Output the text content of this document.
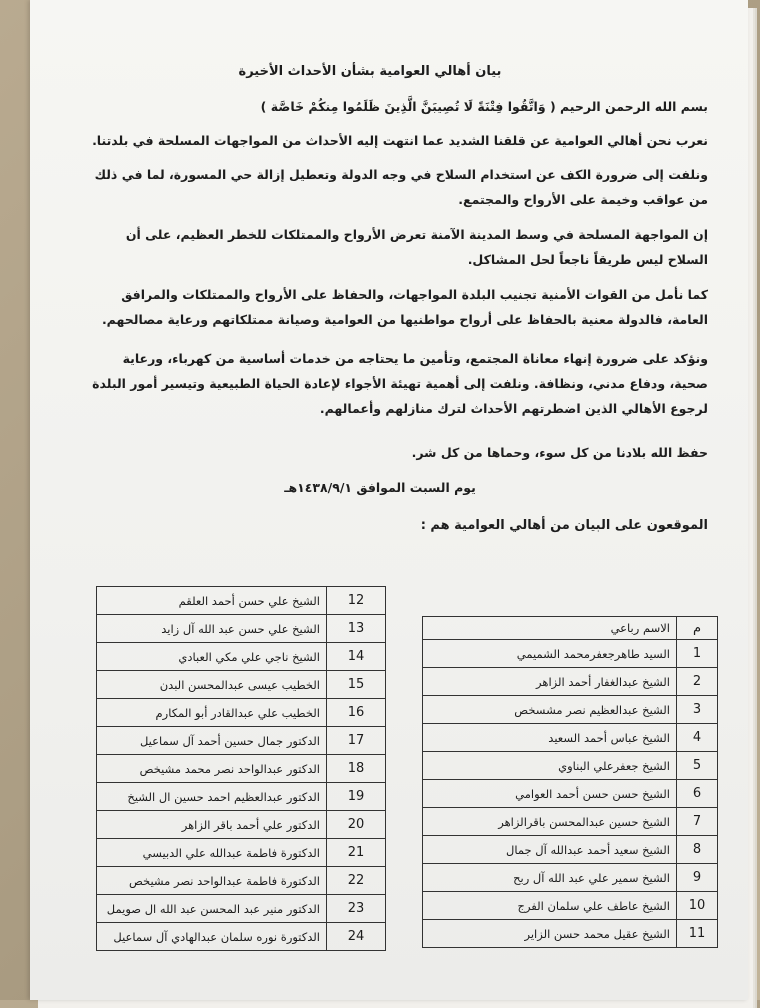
بيان أهالي العوامية بشأن الأحداث الأخيرة
بسم الله الرحمن الرحيم ( وَاتَّقُوا فِتْنَةً لَا تُصِيبَنَّ الَّذِينَ ظَلَمُوا مِنكُمْ خَاصَّة )
نعرب نحن أهالي العوامية عن قلقنا الشديد عما انتهت إليه الأحداث من المواجهات المسلحة في بلدتنا.
ونلفت إلى ضرورة الكف عن استخدام السلاح في وجه الدولة وتعطيل إزالة حي المسورة، لما في ذلك من عواقب وخيمة على الأرواح والمجتمع.
إن المواجهة المسلحة في وسط المدينة الآمنة تعرض الأرواح والممتلكات للخطر العظيم، على أن السلاح ليس طريقاً ناجعاً لحل المشاكل.
كما نأمل من القوات الأمنية تجنيب البلدة المواجهات، والحفاظ على الأرواح والممتلكات والمرافق العامة، فالدولة معنية بالحفاظ على أرواح مواطنيها من العوامية وصيانة ممتلكاتهم ورعاية مصالحهم.
ونؤكد على ضرورة إنهاء معاناة المجتمع، وتأمين ما يحتاجه من خدمات أساسية من كهرباء، ورعاية صحية، ودفاع مدني، ونظافة. ونلفت إلى أهمية تهيئة الأجواء لإعادة الحياة الطبيعية وتيسير أمور البلدة لرجوع الأهالي الذين اضطرتهم الأحداث لترك منازلهم وأعمالهم.
حفظ الله بلادنا من كل سوء، وحماها من كل شر.
يوم السبت الموافق ١٤٣٨/٩/١هـ
الموقعون على البيان من أهالي العوامية هم :
م	الاسم رباعي
1	السيد طاهرجعفرمحمد الشميمي
2	الشيخ عبدالغفار أحمد الزاهر
3	الشيخ عبدالعظيم نصر مشسخص
4	الشيخ عباس أحمد السعيد
5	الشيخ جعفرعلي البناوي
6	الشيخ حسن حسن أحمد العوامي
7	الشيخ حسين عبدالمحسن باقرالزاهر
8	الشيخ سعيد أحمد عبدالله آل جمال
9	الشيخ سمير علي عبد الله آل ربح
10	الشيخ عاطف علي سلمان الفرج
11	الشيخ عقيل محمد حسن الزاير
12	الشيخ علي حسن أحمد العلقم
13	الشيخ علي حسن عبد الله آل زايد
14	الشيخ ناجي علي مكي العبادي
15	الخطيب عيسى عبدالمحسن البدن
16	الخطيب علي عبدالقادر أبو المكارم
17	الدكتور جمال حسين أحمد آل سماعيل
18	الدكتور عبدالواحد نصر محمد مشيخص
19	الدكتور عبدالعظيم احمد حسين ال الشيخ
20	الدكتور علي أحمد باقر الزاهر
21	الدكتورة فاطمة عبدالله علي الدبيسي
22	الدكتورة فاطمة عبدالواحد نصر مشيخص
23	الدكتور منير عبد المحسن عبد الله ال صويمل
24	الدكتورة نوره سلمان عبدالهادي آل سماعيل
